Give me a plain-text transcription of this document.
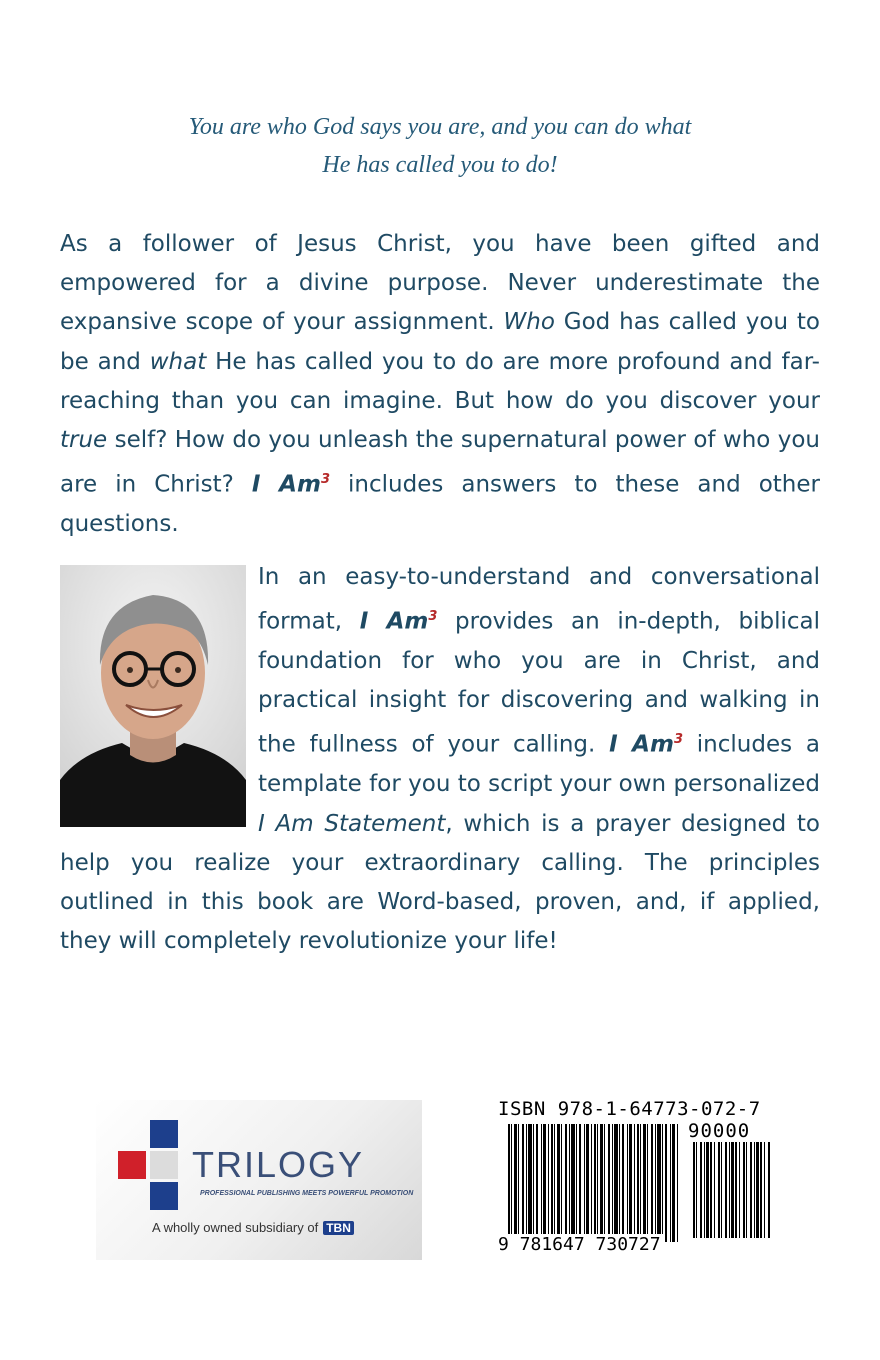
You are who God says you are, and you can do what
He has called you to do!
As a follower of Jesus Christ, you have been gifted and empowered for a divine purpose. Never underestimate the expansive scope of your assignment. Who God has called you to be and what He has called you to do are more profound and far-reaching than you can imagine. But how do you discover your true self? How do you unleash the supernatural power of who you are in Christ? I Am$^3$ includes answers to these and other questions.
In an easy-to-understand and conversational format, I Am$^3$ provides an in-depth, biblical foundation for who you are in Christ, and practical insight for discovering and walking in the fullness of your calling. I Am$^3$ includes a template for you to script your own personalized I Am Statement, which is a prayer designed to help you realize your extraordinary calling. The principles outlined in this book are Word-based, proven, and, if applied, they will completely revolutionize your life!
TRILOGY
PROFESSIONAL PUBLISHING MEETS POWERFUL PROMOTION
A wholly owned subsidiary of TBN
ISBN 978-1-64773-072-7
90000
9 781647 730727
